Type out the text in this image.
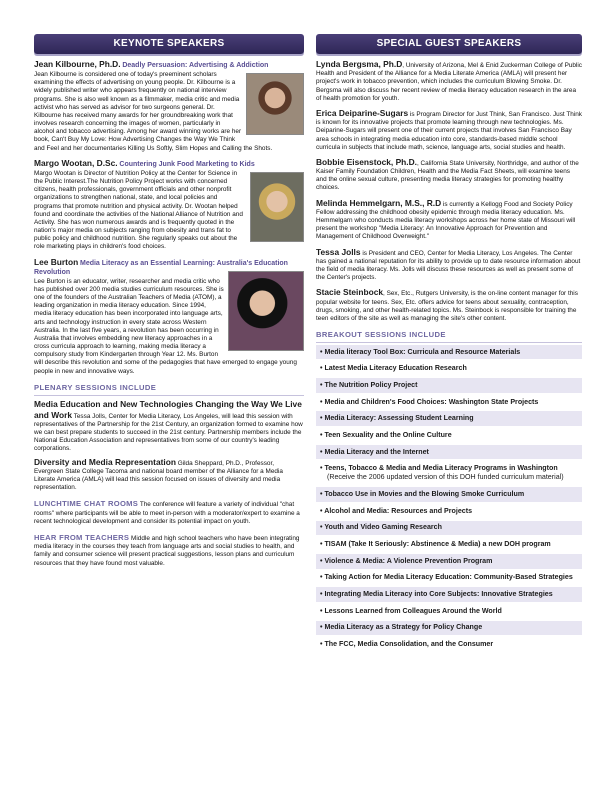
KEYNOTE SPEAKERS
Jean Kilbourne, Ph.D. Deadly Persuasion: Advertising & Addiction
Jean Kilbourne is considered one of today's preeminent scholars examining the effects of advertising on young people. Dr. Kilbourne is a widely published writer who appears frequently on national interview programs. She is also well known as a filmmaker, media critic and media activist who has served as advisor for two surgeons general. Dr. Kilbourne has received many awards for her groundbreaking work that involves research concerning the images of women, particularly in alcohol and tobacco advertising. Among her award winning works are her book, Can't Buy My Love: How Advertising Changes the Way We Think and Feel and her documentaries Killing Us Softly, Slim Hopes and Calling the Shots.
Margo Wootan, D.Sc. Countering Junk Food Marketing to Kids
Margo Wootan is Director of Nutrition Policy at the Center for Science in the Public Interest.The Nutrition Policy Project works with concerned citizens, health professionals, government officials and other nonprofit organizations to strengthen national, state, and local policies and programs that promote nutrition and physical activity. Dr. Wootan helped found and coordinate the activities of the National Alliance of Nutrition and Activity. She has won numerous awards and is frequently quoted in the nation's major media on subjects ranging from obesity and trans fat to public policy and childhood nutrition. She regularly speaks out about the role marketing plays in children's food choices.
Lee Burton Media Literacy as an Essential Learning: Australia's Education Revolution
Lee Burton is an educator, writer, researcher and media critic who has published over 200 media studies curriculum resources. She is one of the founders of the Australian Teachers of Media (ATOM), a leading organization in media literacy education. Since 1994, media literacy education has been incorporated into language arts, arts and technology instruction in every state across Western Australia. In the last five years, a revolution has been occurring in Australia that involves embedding new literacy approaches in a cross curricula approach to learning, making media literacy a compulsory study from Kindergarten through Year 12. Ms. Burton will describe this revolution and some of the pedagogies that have emerged to engage young people in new and innovative ways.
PLENARY SESSIONS INCLUDE
Media Education and New Technologies Changing the Way We Live and Work Tessa Jolls, Center for Media Literacy, Los Angeles, will lead this session with representatives of the Partnership for the 21st Century, an organization formed to examine how we can best prepare students to succeed in the 21st century. Partnership members include the National Education Association and representatives from some of our country's leading corporations.
Diversity and Media Representation Gilda Sheppard, Ph.D., Professor, Evergreen State College Tacoma and national board member of the Alliance for a Media Literate America (AMLA) will lead this session focused on issues of diversity and media representation.
LUNCHTIME CHAT ROOMS The conference will feature a variety of individual "chat rooms" where participants will be able to meet in-person with a moderator/expert to examine a recent technological development and consider its potential impact on youth.
HEAR FROM TEACHERS Middle and high school teachers who have been integrating media literacy in the courses they teach from language arts and social studies to health, and family and consumer science will present practical suggestions, lesson plans and curriculum resources that they have found most valuable.
SPECIAL GUEST SPEAKERS
Lynda Bergsma, Ph.D, University of Arizona, Mel & Enid Zuckerman College of Public Health and President of the Alliance for a Media Literate America (AMLA) will present her project's work in tobacco prevention, which includes the curriculum Blowing Smoke. Dr. Bergsma will also discuss her recent review of media literacy education research in the area of health promotion for youth.
Erica Deiparine-Sugars is Program Director for Just Think, San Francisco. Just Think is known for its innovative projects that promote learning through new technologies. Ms. Deiparine-Sugars will present one of their current projects that involves San Francisco Bay area schools in integrating media education into core, standards-based middle school curricula in subjects that include math, science, language arts, social studies and health.
Bobbie Eisenstock, Ph.D., California State University, Northridge, and author of the Kaiser Family Foundation Children, Health and the Media Fact Sheets, will examine teens and the online sexual culture, presenting media literacy strategies for promoting healthy choices.
Melinda Hemmelgarn, M.S., R.D is currently a Kellogg Food and Society Policy Fellow addressing the childhood obesity epidemic through media literacy education. Ms. Hemmelgarn who conducts media literacy workshops across her home state of Missouri will present the workshop "Media Literacy: An Innovative Approach for Prevention and Management of Childhood Overweight."
Tessa Jolls is President and CEO, Center for Media Literacy, Los Angeles. The Center has gained a national reputation for its ability to provide up to date resource information about the field of media literacy. Ms. Jolls will discuss these resources as well as present some of the Center's projects.
Stacie Steinbock, Sex, Etc., Rutgers University, is the on-line content manager for this popular website for teens. Sex, Etc. offers advice for teens about sexuality, contraception, drugs, smoking, and other health-related topics. Ms. Steinbock is responsible for training the teen editors of the site as well as managing the site's other content.
BREAKOUT SESSIONS INCLUDE
• Media literacy Tool Box: Curricula and Resource Materials
• Latest Media Literacy Education Research
• The Nutrition Policy Project
• Media and Children's Food Choices: Washington State Projects
• Media Literacy: Assessing Student Learning
• Teen Sexuality and the Online Culture
• Media Literacy and the Internet
• Teens, Tobacco & Media and Media Literacy Programs in Washington
(Receive the 2006 updated version of this DOH funded curriculum material)
• Tobacco Use in Movies and the Blowing Smoke Curriculum
• Alcohol and Media: Resources and Projects
• Youth and Video Gaming Research
• TISAM (Take It Seriously: Abstinence & Media) a new DOH program
• Violence & Media: A Violence Prevention Program
• Taking Action for Media Literacy Education: Community-Based Strategies
• Integrating Media Literacy into Core Subjects: Innovative Strategies
• Lessons Learned from Colleagues Around the World
• Media Literacy as a Strategy for Policy Change
• The FCC, Media Consolidation, and the Consumer
